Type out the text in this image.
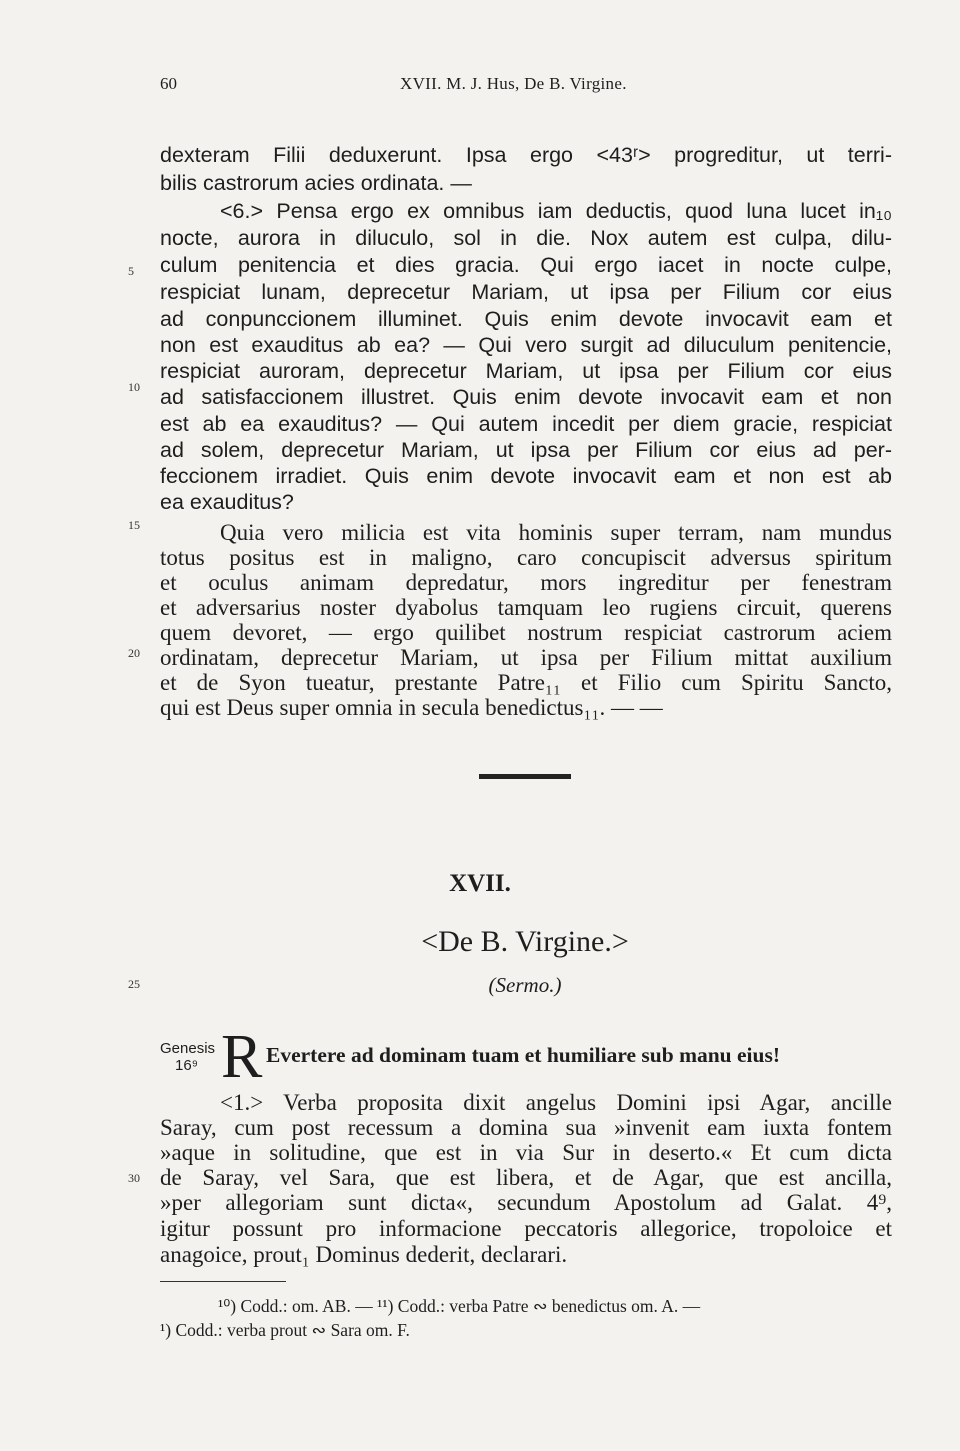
60	XVII. M. J. Hus, De B. Virgine.
dexteram Filii deduxerunt. Ipsa ergo <43ʳ> progreditur, ut terri-
bilis castrorum acies ordinata. —
<6.> Pensa ergo ex omnibus iam deductis, quod luna lucet in₁₀
nocte, aurora in diluculo, sol in die. Nox autem est culpa, dilu-
culum penitencia et dies gracia. Qui ergo iacet in nocte culpe,
respiciat lunam, deprecetur Mariam, ut ipsa per Filium cor eius
ad conpunccionem illuminet. Quis enim devote invocavit eam et
non est exauditus ab ea? — Qui vero surgit ad diluculum penitencie,
respiciat auroram, deprecetur Mariam, ut ipsa per Filium cor eius
ad satisfaccionem illustret. Quis enim devote invocavit eam et non
est ab ea exauditus? — Qui autem incedit per diem gracie, respiciat
ad solem, deprecetur Mariam, ut ipsa per Filium cor eius ad per-
feccionem irradiet. Quis enim devote invocavit eam et non est ab
ea exauditus?
Quia vero milicia est vita hominis super terram, nam mundus
totus positus est in maligno, caro concupiscit adversus spiritum
et oculus animam depredatur, mors ingreditur per fenestram
et adversarius noster dyabolus tamquam leo rugiens circuit, querens
quem devoret, — ergo quilibet nostrum respiciat castrorum aciem
ordinatam, deprecetur Mariam, ut ipsa per Filium mittat auxilium
et de Syon tueatur, prestante Patre₁₁ et Filio cum Spiritu Sancto,
qui est Deus super omnia in secula benedictus₁₁. — —
5
10
15
20
25
30
XVII.
<De B. Virgine.>
(Sermo.)
Genesis
16⁹ R Evertere ad dominam tuam et humiliare sub manu eius!
<1.> Verba proposita dixit angelus Domini ipsi Agar, ancille
Saray, cum post recessum a domina sua »invenit eam iuxta fontem
»aque in solitudine, que est in via Sur in deserto.« Et cum dicta
de Saray, vel Sara, que est libera, et de Agar, que est ancilla,
»per allegoriam sunt dicta«, secundum Apostolum ad Galat. 4⁹,
igitur possunt pro informacione peccatoris allegorice, tropoloice et
anagoice, prout₁ Dominus dederit, declarari.
¹⁰) Codd.: om. AB. — ¹¹) Codd.: verba Patre ∾ benedictus om. A. —
¹) Codd.: verba prout ∾ Sara om. F.
